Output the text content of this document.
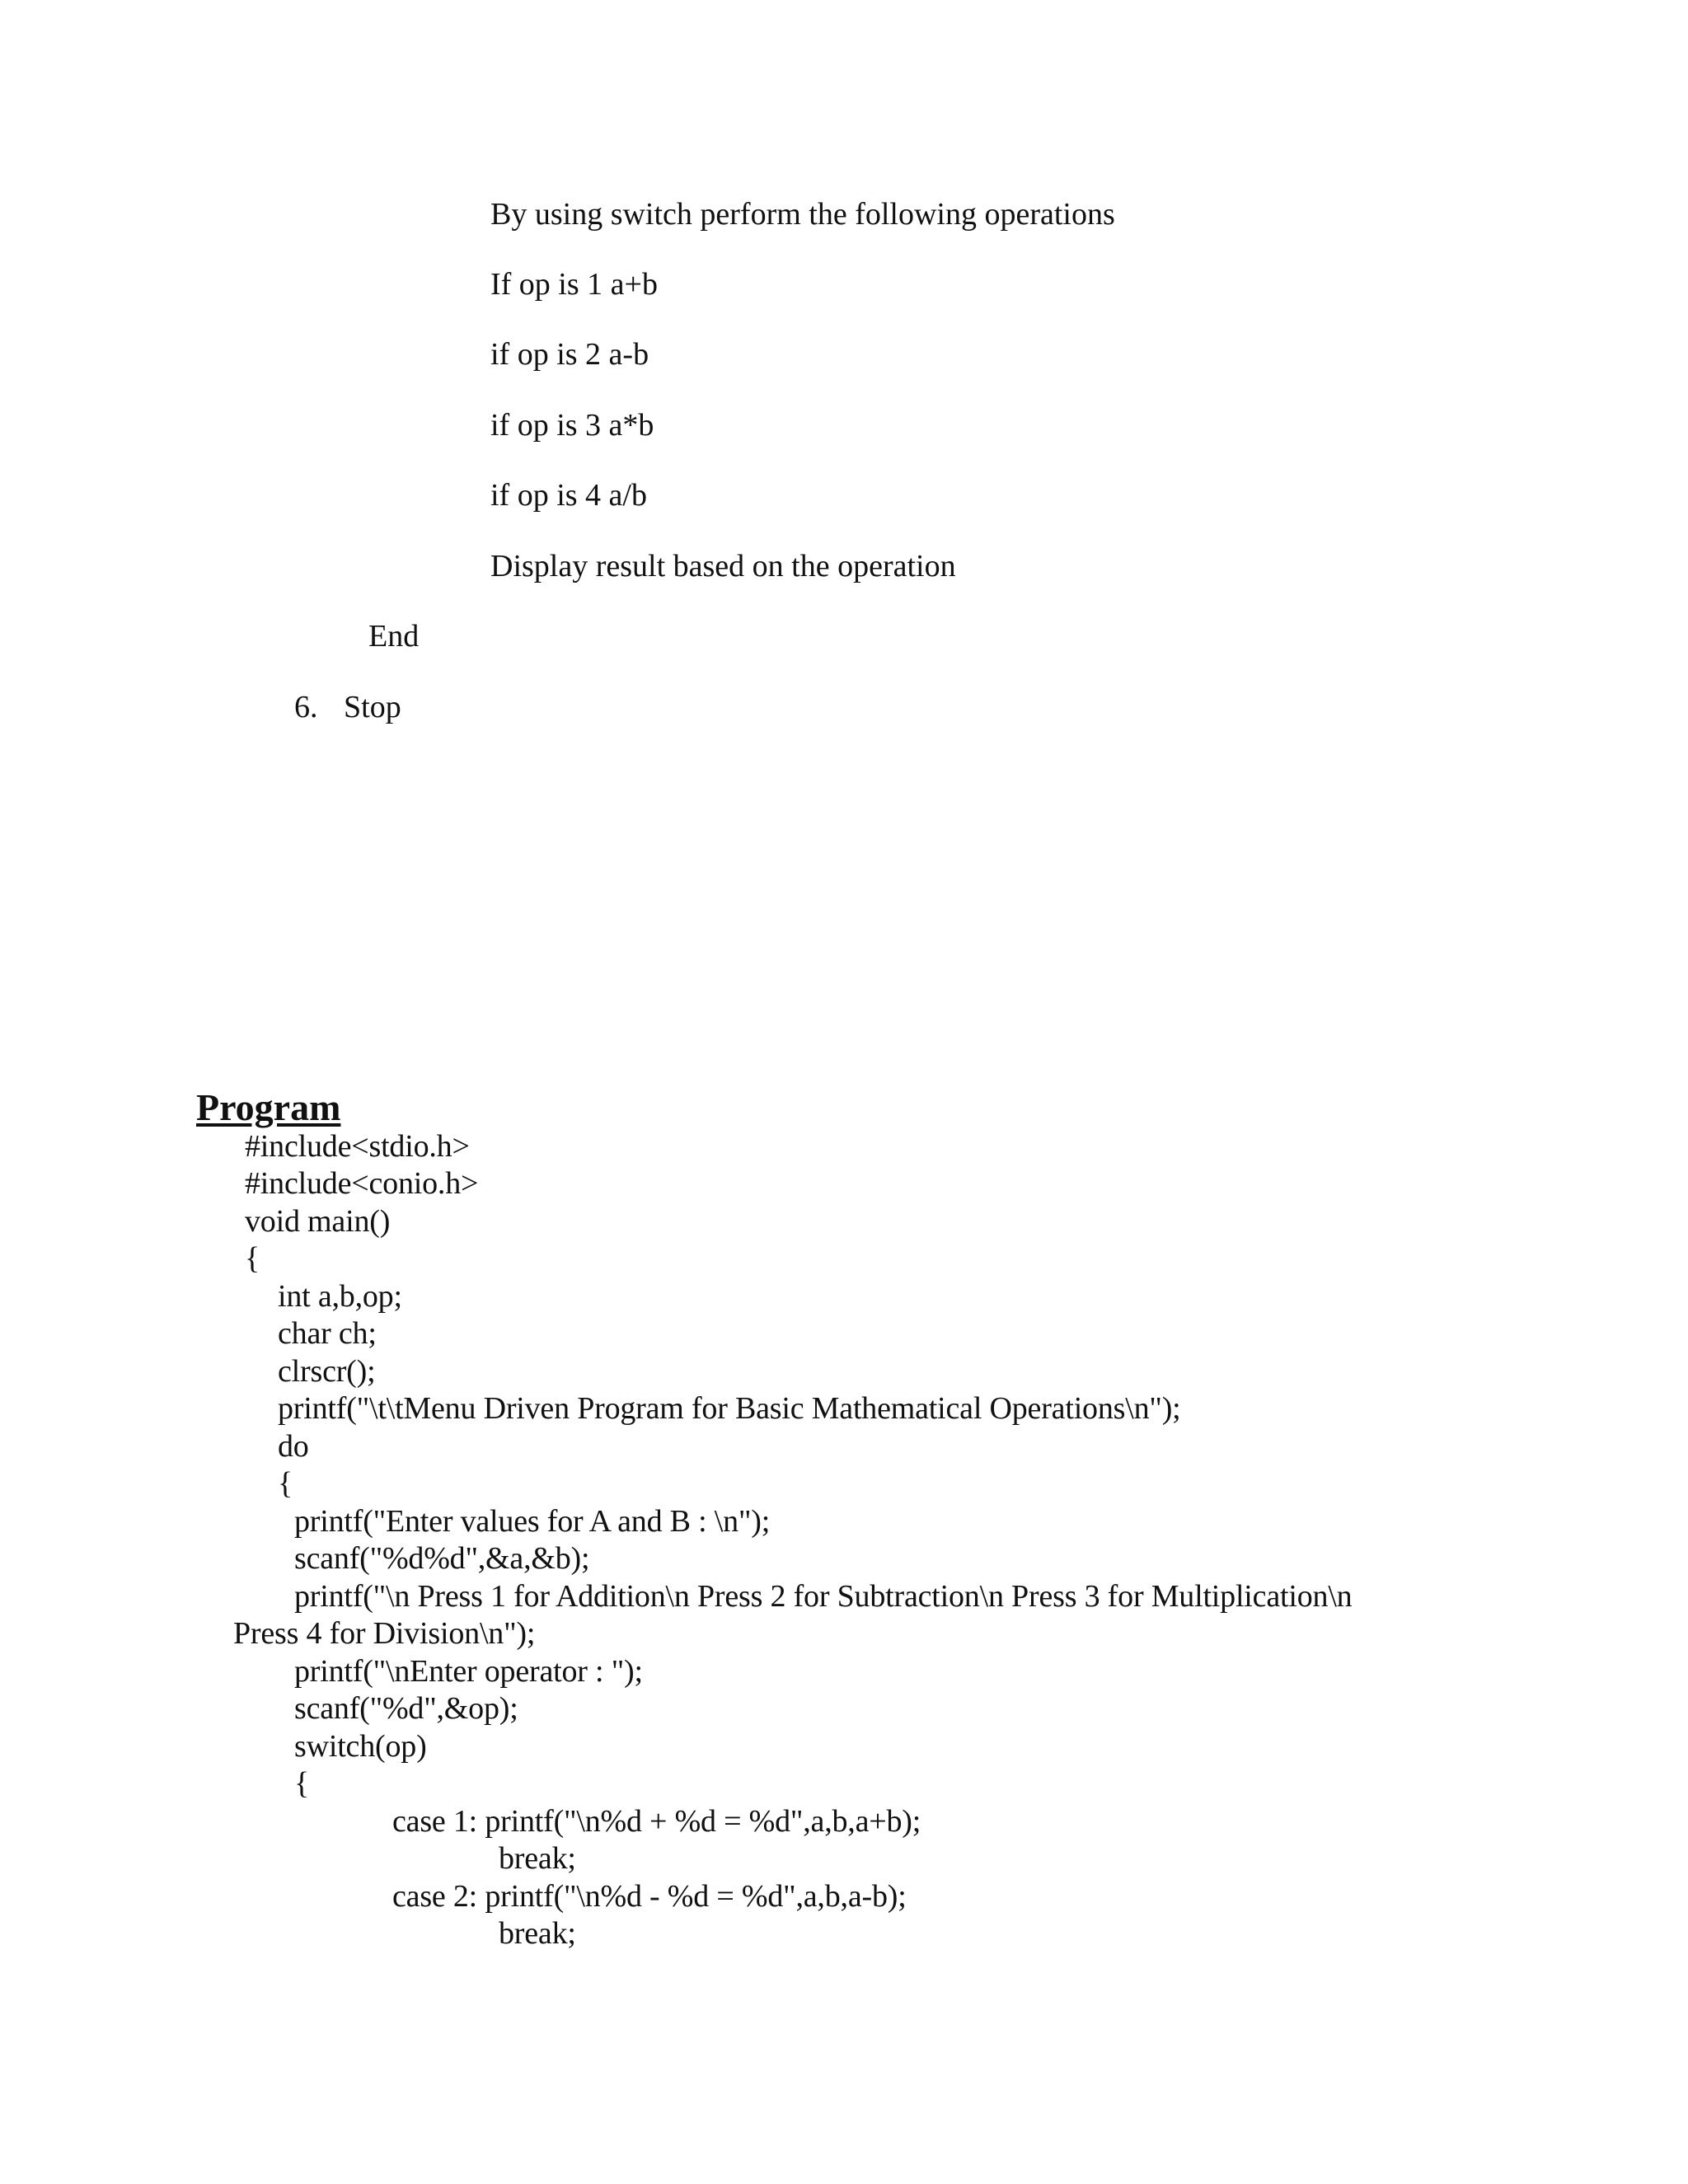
By using switch perform the following operations
If op is 1 a+b
if op is 2 a-b
if op is 3 a*b
if op is 4 a/b
Display result based on the operation
End
6. Stop
Program
#include<stdio.h>
#include<conio.h>
void main()
{
int a,b,op;
char ch;
clrscr();
printf("\t\tMenu Driven Program for Basic Mathematical Operations\n");
do
{
printf("Enter values for A and B : \n");
scanf("%d%d",&a,&b);
printf("\n Press 1 for Addition\n Press 2 for Subtraction\n Press 3 for Multiplication\n
Press 4 for Division\n");
printf("\nEnter operator : ");
scanf("%d",&op);
switch(op)
{
case 1: printf("\n%d + %d = %d",a,b,a+b);
break;
case 2: printf("\n%d - %d = %d",a,b,a-b);
break;
